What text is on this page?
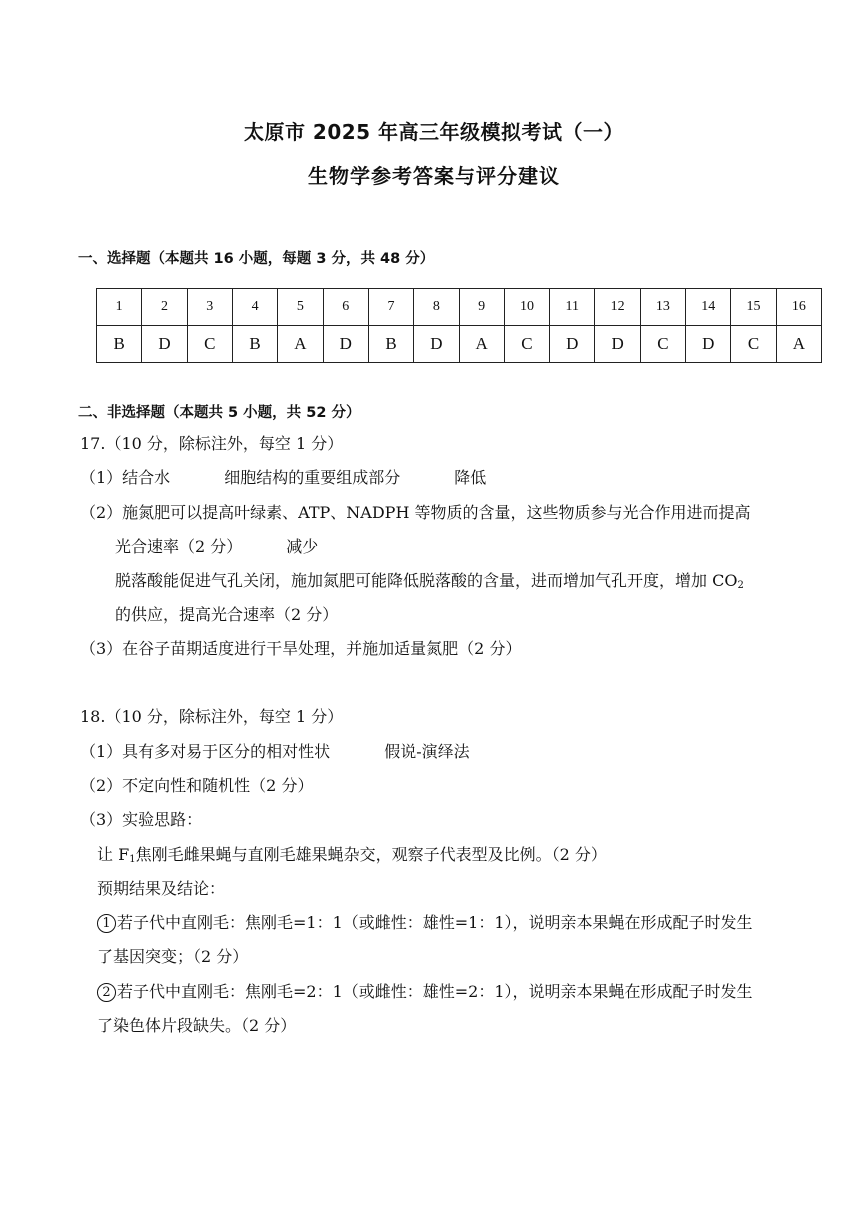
太原市 2025 年高三年级模拟考试（一）
生物学参考答案与评分建议
一、选择题（本题共 16 小题，每题 3 分，共 48 分）
1	2	3	4	5	6	7	8	9	10	11	12	13	14	15	16
B	D	C	B	A	D	B	D	A	C	D	D	C	D	C	A
二、非选择题（本题共 5 小题，共 52 分）
17.（10 分，除标注外，每空 1 分）
（1）结合水	细胞结构的重要组成部分	降低
（2）施氮肥可以提高叶绿素、ATP、NADPH 等物质的含量，这些物质参与光合作用进而提高
光合速率（2 分）	减少
脱落酸能促进气孔关闭，施加氮肥可能降低脱落酸的含量，进而增加气孔开度，增加 $CO_2$
的供应，提高光合速率（2 分）
（3）在谷子苗期适度进行干旱处理，并施加适量氮肥（2 分）
18.（10 分，除标注外，每空 1 分）
（1）具有多对易于区分的相对性状	假说-演绎法
（2）不定向性和随机性（2 分）
（3）实验思路：
让 $F_1$焦刚毛雌果蝇与直刚毛雄果蝇杂交，观察子代表型及比例。（2 分）
预期结果及结论：
1 若子代中直刚毛：焦刚毛=1：1（或雌性：雄性=1：1），说明亲本果蝇在形成配子时发生
了基因突变；（2 分）
2 若子代中直刚毛：焦刚毛=2：1（或雌性：雄性=2：1），说明亲本果蝇在形成配子时发生
了染色体片段缺失。（2 分）
